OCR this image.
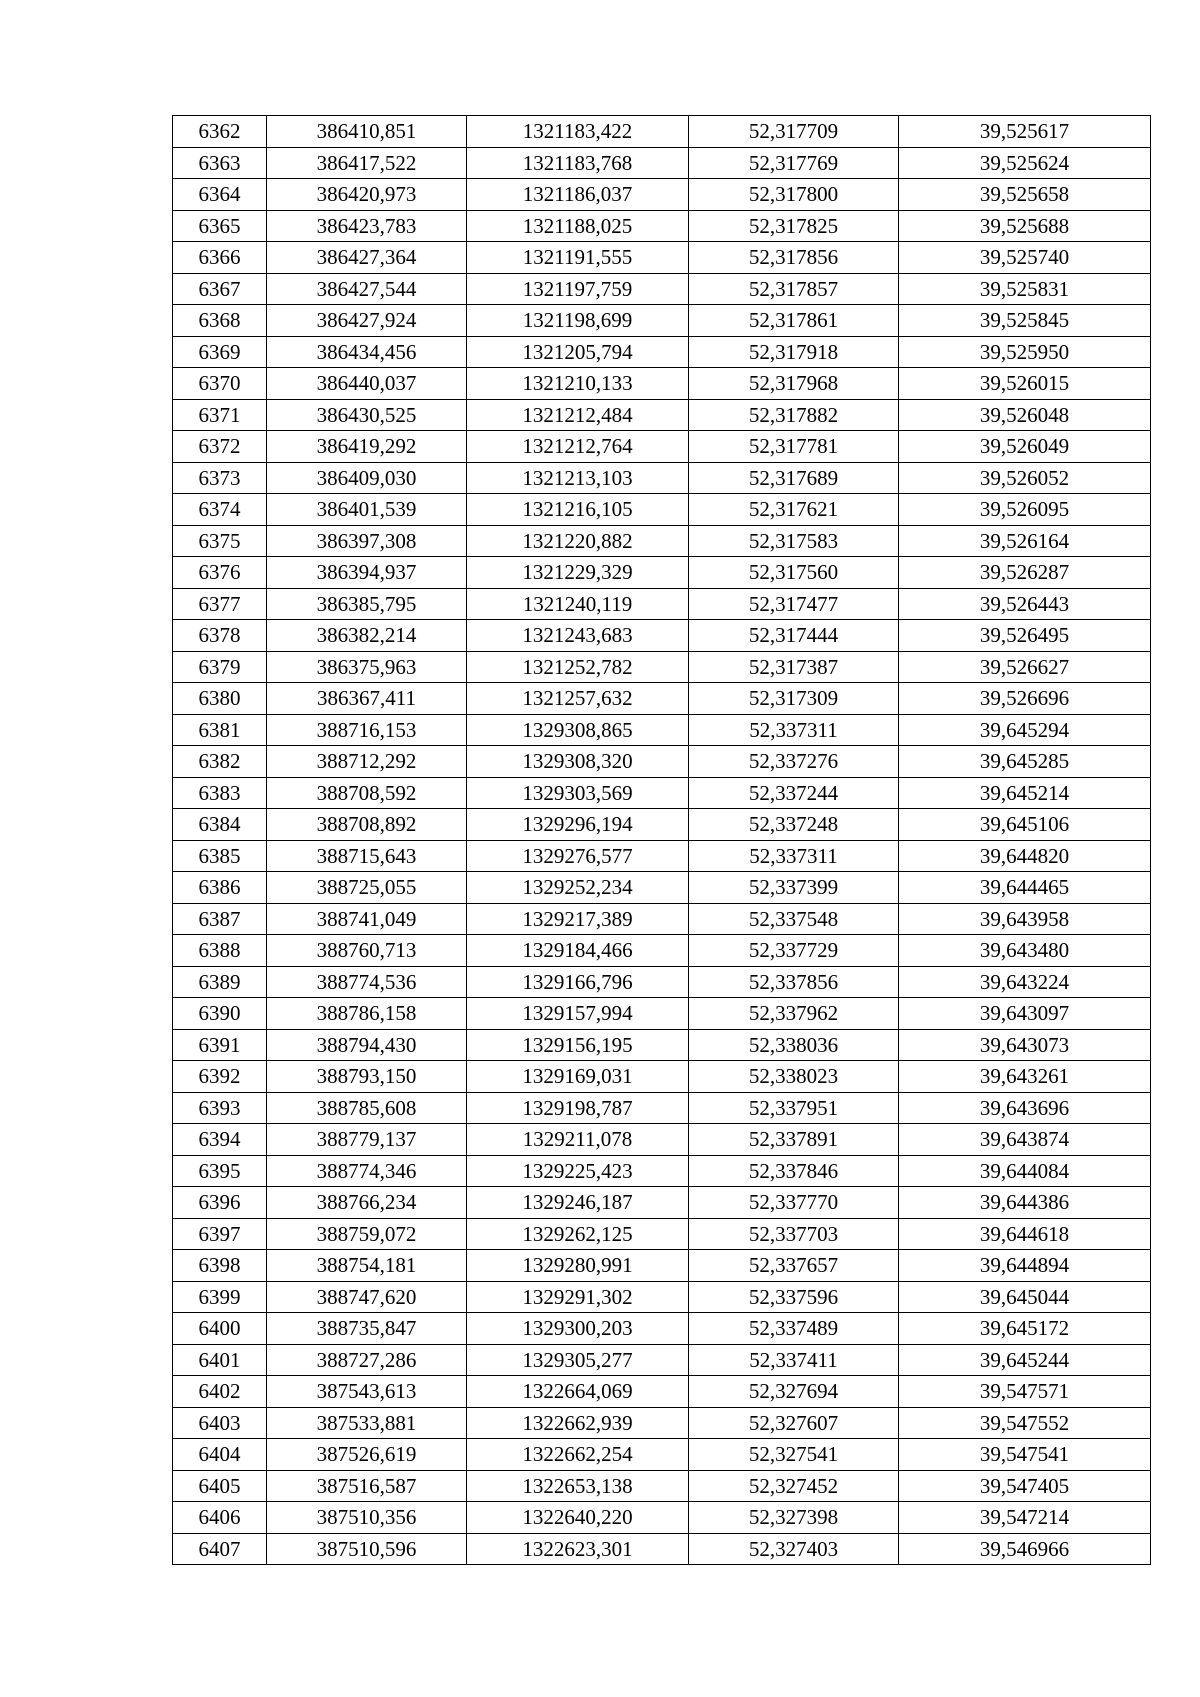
6362	386410,851	1321183,422	52,317709	39,525617
6363	386417,522	1321183,768	52,317769	39,525624
6364	386420,973	1321186,037	52,317800	39,525658
6365	386423,783	1321188,025	52,317825	39,525688
6366	386427,364	1321191,555	52,317856	39,525740
6367	386427,544	1321197,759	52,317857	39,525831
6368	386427,924	1321198,699	52,317861	39,525845
6369	386434,456	1321205,794	52,317918	39,525950
6370	386440,037	1321210,133	52,317968	39,526015
6371	386430,525	1321212,484	52,317882	39,526048
6372	386419,292	1321212,764	52,317781	39,526049
6373	386409,030	1321213,103	52,317689	39,526052
6374	386401,539	1321216,105	52,317621	39,526095
6375	386397,308	1321220,882	52,317583	39,526164
6376	386394,937	1321229,329	52,317560	39,526287
6377	386385,795	1321240,119	52,317477	39,526443
6378	386382,214	1321243,683	52,317444	39,526495
6379	386375,963	1321252,782	52,317387	39,526627
6380	386367,411	1321257,632	52,317309	39,526696
6381	388716,153	1329308,865	52,337311	39,645294
6382	388712,292	1329308,320	52,337276	39,645285
6383	388708,592	1329303,569	52,337244	39,645214
6384	388708,892	1329296,194	52,337248	39,645106
6385	388715,643	1329276,577	52,337311	39,644820
6386	388725,055	1329252,234	52,337399	39,644465
6387	388741,049	1329217,389	52,337548	39,643958
6388	388760,713	1329184,466	52,337729	39,643480
6389	388774,536	1329166,796	52,337856	39,643224
6390	388786,158	1329157,994	52,337962	39,643097
6391	388794,430	1329156,195	52,338036	39,643073
6392	388793,150	1329169,031	52,338023	39,643261
6393	388785,608	1329198,787	52,337951	39,643696
6394	388779,137	1329211,078	52,337891	39,643874
6395	388774,346	1329225,423	52,337846	39,644084
6396	388766,234	1329246,187	52,337770	39,644386
6397	388759,072	1329262,125	52,337703	39,644618
6398	388754,181	1329280,991	52,337657	39,644894
6399	388747,620	1329291,302	52,337596	39,645044
6400	388735,847	1329300,203	52,337489	39,645172
6401	388727,286	1329305,277	52,337411	39,645244
6402	387543,613	1322664,069	52,327694	39,547571
6403	387533,881	1322662,939	52,327607	39,547552
6404	387526,619	1322662,254	52,327541	39,547541
6405	387516,587	1322653,138	52,327452	39,547405
6406	387510,356	1322640,220	52,327398	39,547214
6407	387510,596	1322623,301	52,327403	39,546966
